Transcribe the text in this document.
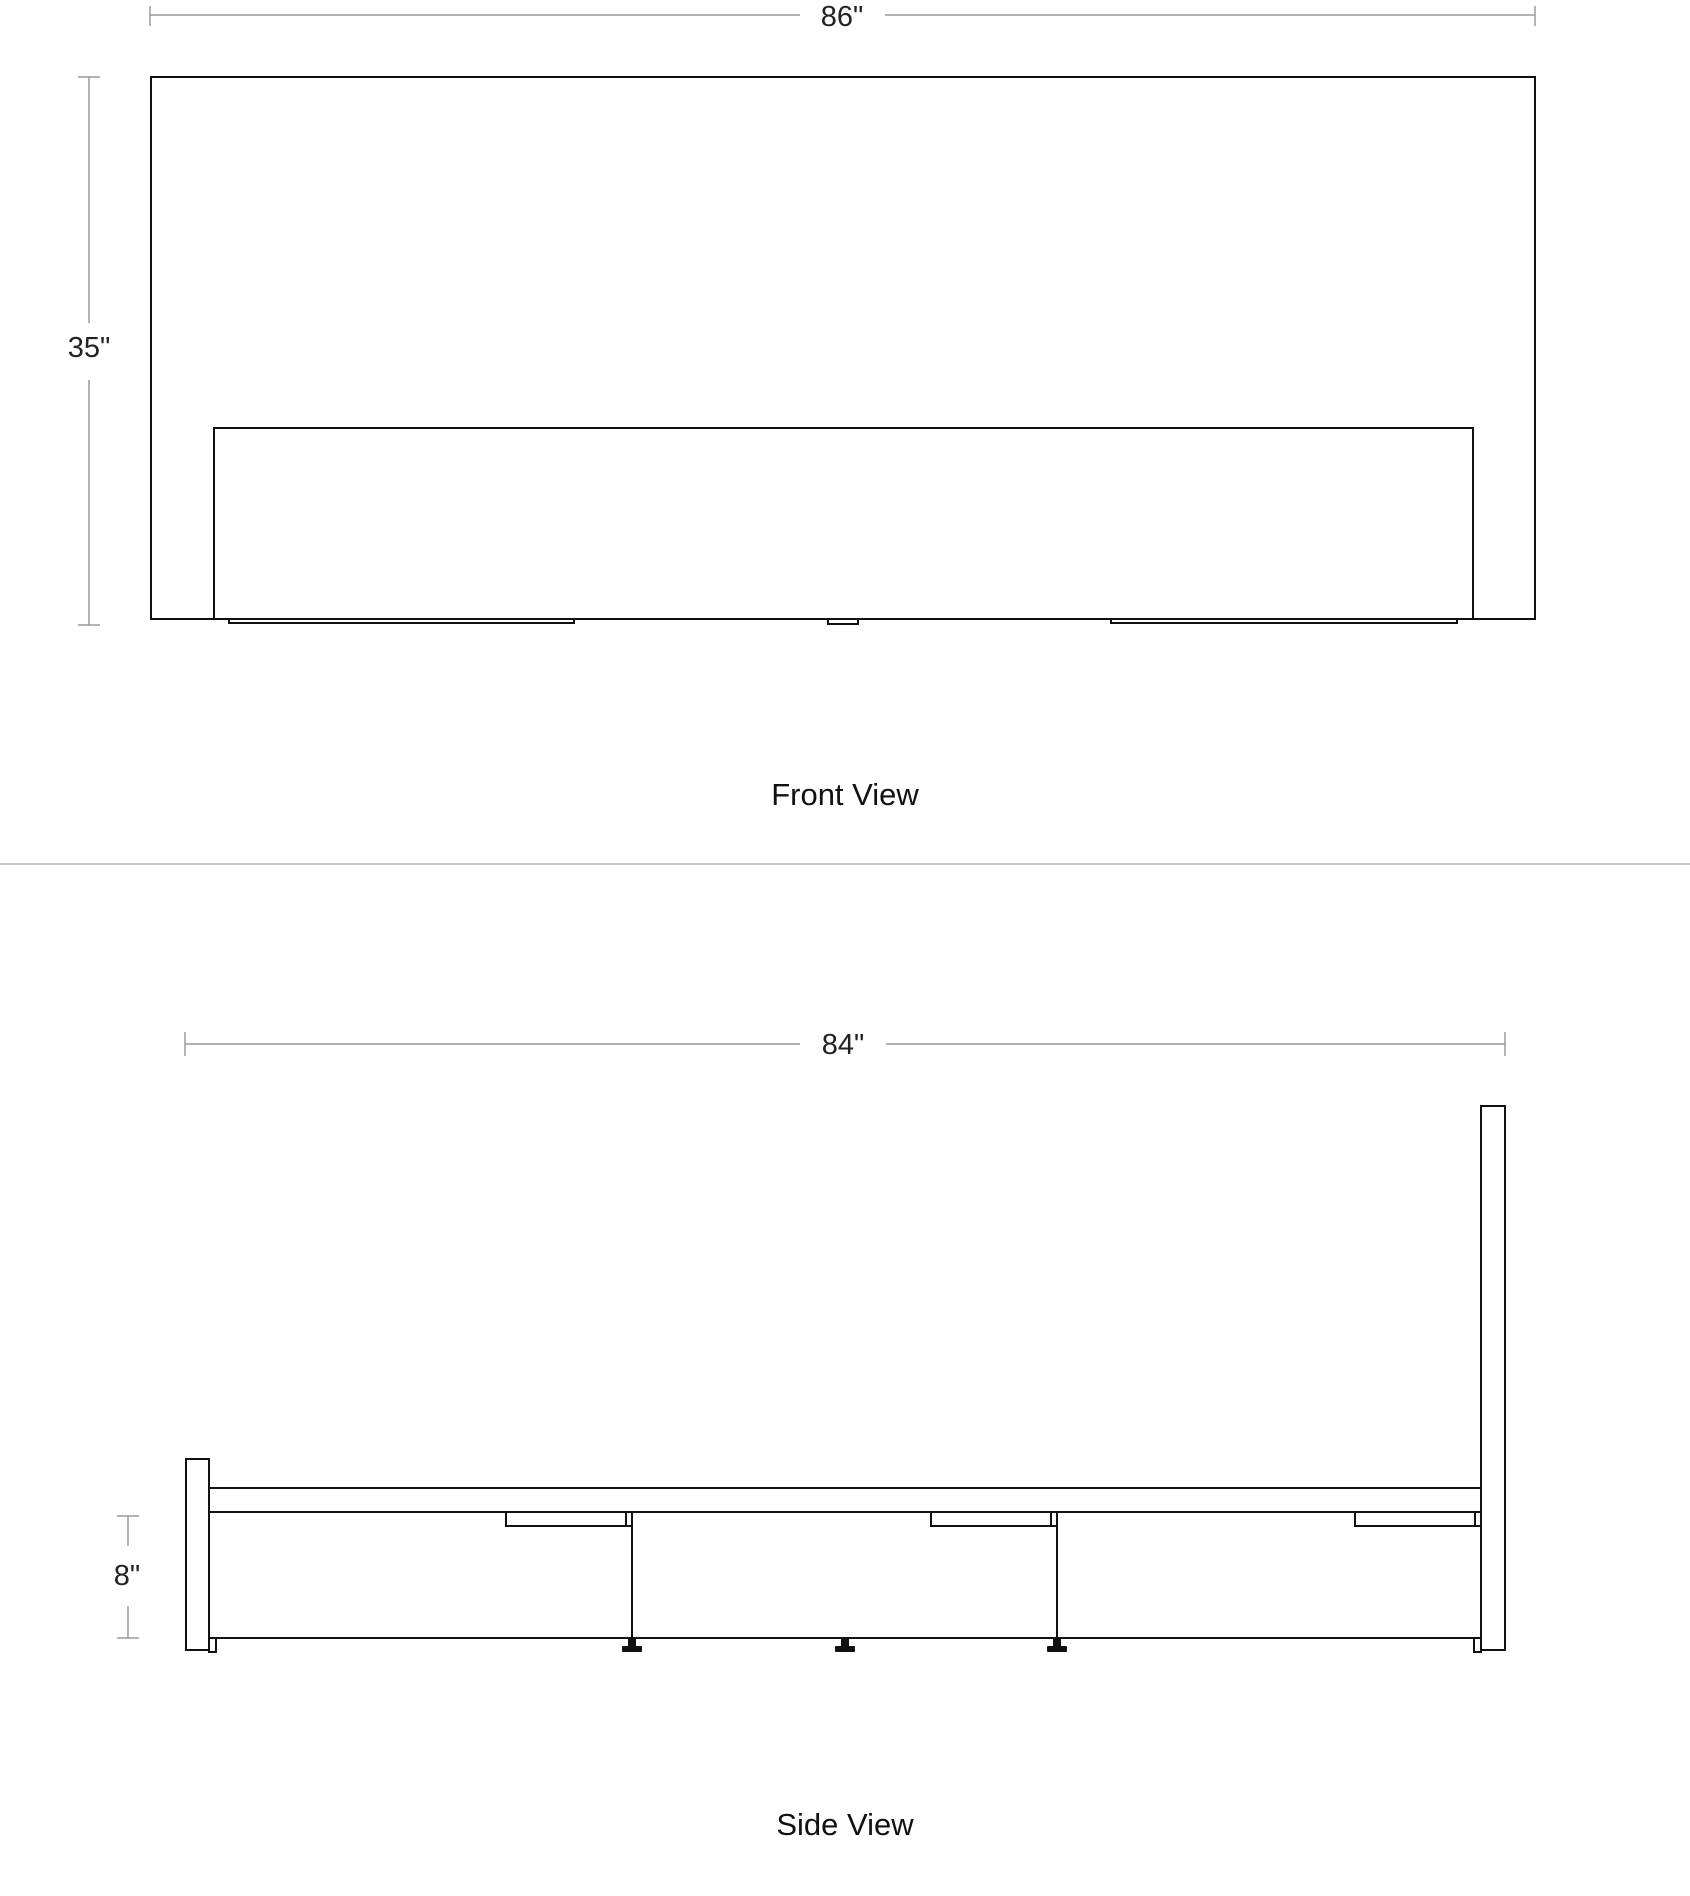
86"
35"
Front View
84"
8"
Side View
